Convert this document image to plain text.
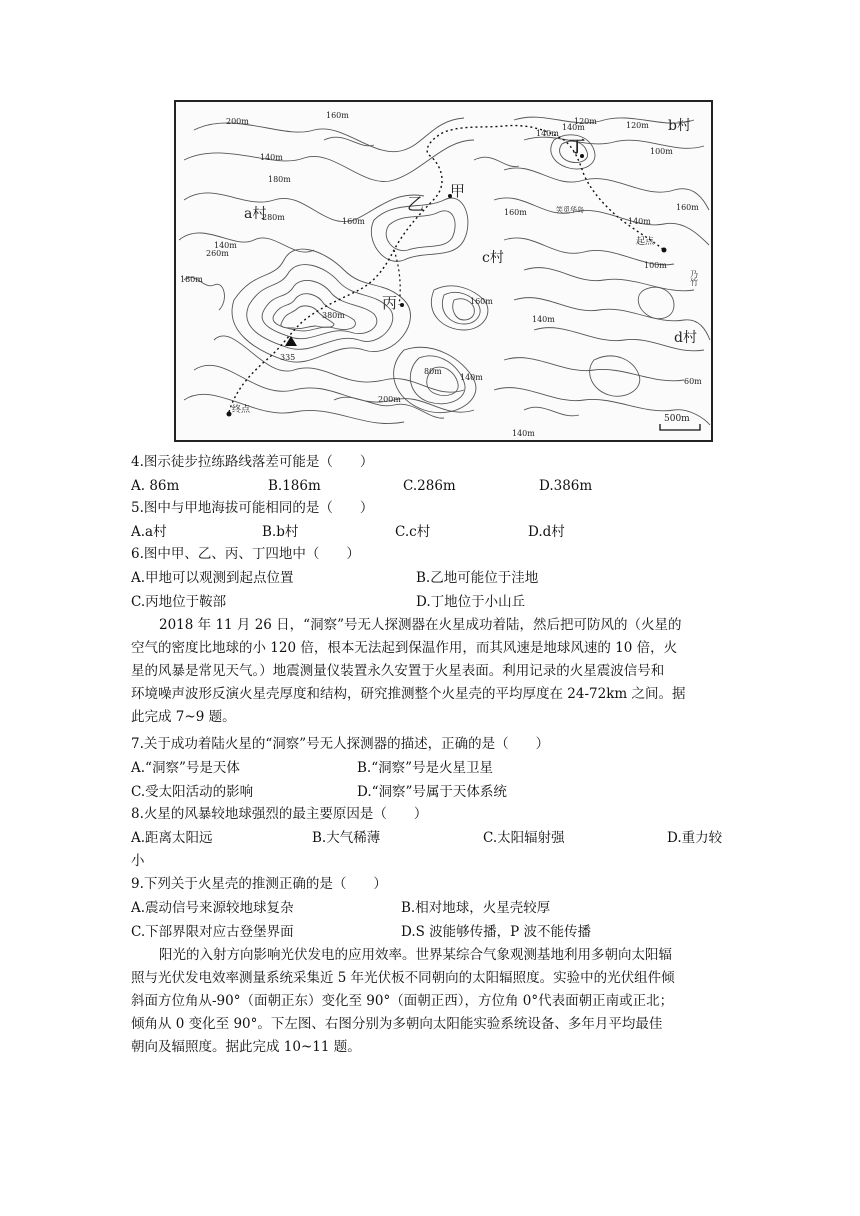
a村
b村
c村
d村
甲
乙
丙
丁
200m
160m
140m
140m
120m
100m
140m
160m
120m
160m
140m
160m
180m
280m
260m
380m
335
160m
140m
80m
140m	60m
200m
180m
140m
100m
140m
起点
终点
笑觅华岛
乃竹
500m
4.图示徒步拉练路线落差可能是（　　）
A. 86m	B.186m	C.286m	D.386m
5.图中与甲地海拔可能相同的是（　　）
A.a村	B.b村	C.c村	D.d村
6.图中甲、乙、丙、丁四地中（　　）
A.甲地可以观测到起点位置	B.乙地可能位于洼地
C.丙地位于鞍部	D.丁地位于小山丘
2018 年 11 月 26 日，“洞察”号无人探测器在火星成功着陆，然后把可防风的（火星的
空气的密度比地球的小 120 倍，根本无法起到保温作用，而其风速是地球风速的 10 倍，火
星的风暴是常见天气。）地震测量仪装置永久安置于火星表面。利用记录的火星震波信号和
环境噪声波形反演火星壳厚度和结构，研究推测整个火星壳的平均厚度在 24-72km 之间。据
此完成 7~9 题。
7.关于成功着陆火星的“洞察”号无人探测器的描述，正确的是（　　）
A.“洞察”号是天体	B.“洞察”号是火星卫星
C.受太阳活动的影响	D.“洞察”号属于天体系统
8.火星的风暴较地球强烈的最主要原因是（　　）
A.距离太阳远	B.大气稀薄	C.太阳辐射强	D.重力较
小
9.下列关于火星壳的推测正确的是（　　）
A.震动信号来源较地球复杂	B.相对地球，火星壳较厚
C.下部界限对应古登堡界面	D.S 波能够传播，P 波不能传播
阳光的入射方向影响光伏发电的应用效率。世界某综合气象观测基地利用多朝向太阳辐
照与光伏发电效率测量系统采集近 5 年光伏板不同朝向的太阳辐照度。实验中的光伏组件倾
斜面方位角从-90°（面朝正东）变化至 90°（面朝正西），方位角 0°代表面朝正南或正北；
倾角从 0 变化至 90°。下左图、右图分别为多朝向太阳能实验系统设备、多年月平均最佳
朝向及辐照度。据此完成 10~11 题。
